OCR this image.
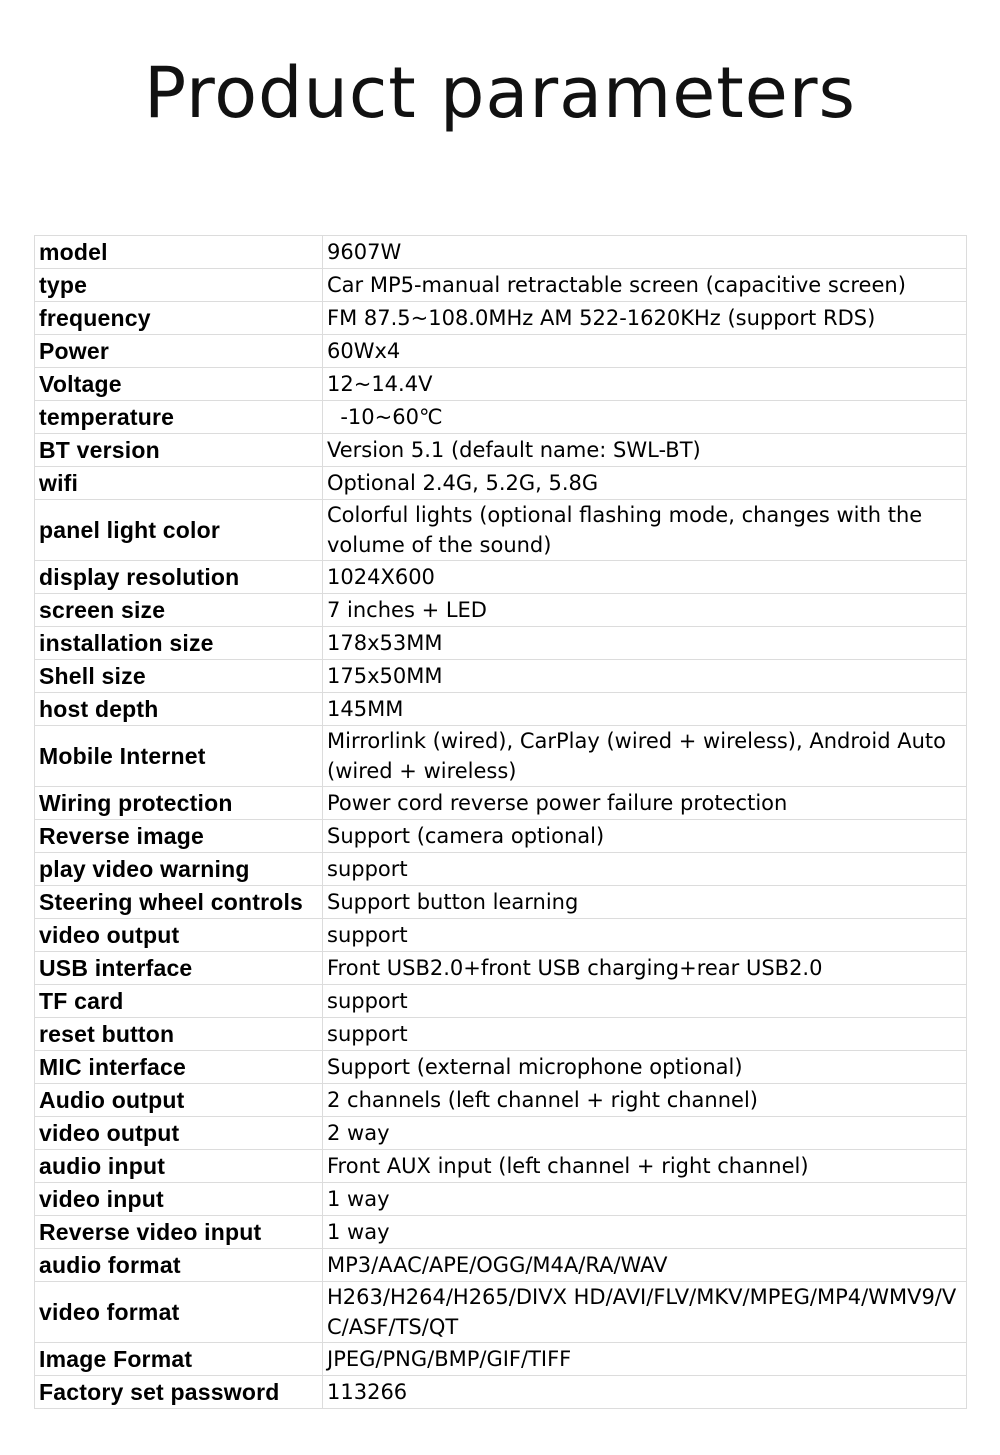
Product parameters
model	9607W
type	Car MP5-manual retractable screen (capacitive screen)
frequency	FM 87.5~108.0MHz AM 522-1620KHz (support RDS)
Power	60Wx4
Voltage	12~14.4V
temperature	-10~60℃
BT version	Version 5.1 (default name: SWL-BT)
wifi	Optional 2.4G, 5.2G, 5.8G
panel light color	Colorful lights (optional flashing mode, changes with the volume of the sound)
display resolution	1024X600
screen size	7 inches + LED
installation size	178x53MM
Shell size	175x50MM
host depth	145MM
Mobile Internet	Mirrorlink (wired), CarPlay (wired + wireless), Android Auto (wired + wireless)
Wiring protection	Power cord reverse power failure protection
Reverse image	Support (camera optional)
play video warning	support
Steering wheel controls	Support button learning
video output	support
USB interface	Front USB2.0+front USB charging+rear USB2.0
TF card	support
reset button	support
MIC interface	Support (external microphone optional)
Audio output	2 channels (left channel + right channel)
video output	2 way
audio input	Front AUX input (left channel + right channel)
video input	1 way
Reverse video input	1 way
audio format	MP3/AAC/APE/OGG/M4A/RA/WAV
video format	H263/H264/H265/DIVX HD/AVI/FLV/MKV/MPEG/MP4/WMV9/VC/ASF/TS/QT
Image Format	JPEG/PNG/BMP/GIF/TIFF
Factory set password	113266
